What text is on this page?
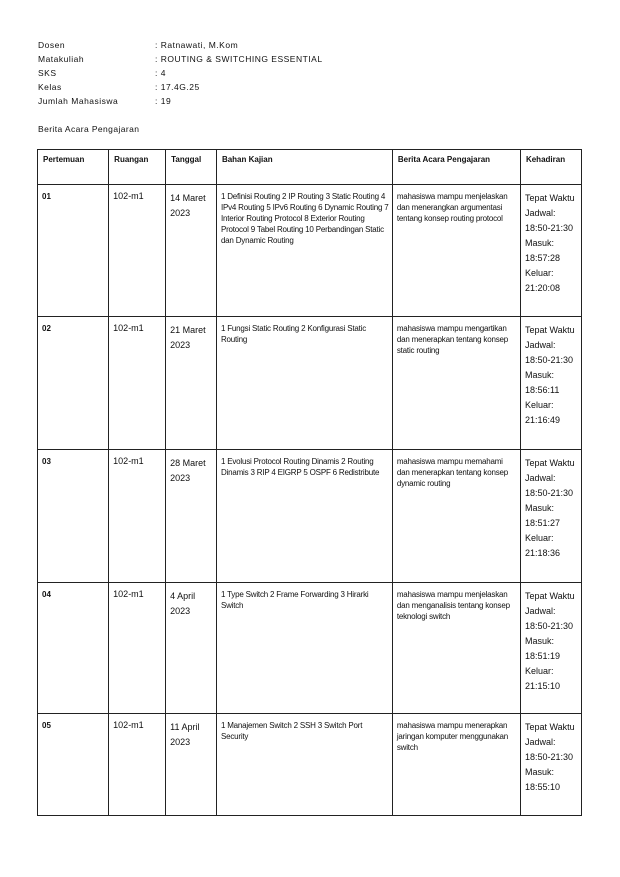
Dosen	: Ratnawati, M.Kom
Matakuliah	: ROUTING & SWITCHING ESSENTIAL
SKS	: 4
Kelas	: 17.4G.25
Jumlah Mahasiswa	: 19
Berita Acara Pengajaran
Pertemuan	Ruangan	Tanggal	Bahan Kajian	Berita Acara Pengajaran	Kehadiran
01	102-m1	14 Maret 2023	1 Definisi Routing 2 IP Routing 3 Static Routing 4 IPv4 Routing 5 IPv6 Routing 6 Dynamic Routing 7 Interior Routing Protocol 8 Exterior Routing Protocol 9 Tabel Routing 10 Perbandingan Static dan Dynamic Routing	mahasiswa mampu menjelaskan dan menerangkan argumentasi tentang konsep routing protocol	Tepat Waktu Jadwal: 18:50-21:30 Masuk: 18:57:28 Keluar: 21:20:08
02	102-m1	21 Maret 2023	1 Fungsi Static Routing 2 Konfigurasi Static Routing	mahasiswa mampu mengartikan dan menerapkan tentang konsep static routing	Tepat Waktu Jadwal: 18:50-21:30 Masuk: 18:56:11 Keluar: 21:16:49
03	102-m1	28 Maret 2023	1 Evolusi Protocol Routing Dinamis 2 Routing Dinamis 3 RIP 4 EIGRP 5 OSPF 6 Redistribute	mahasiswa mampu memahami dan menerapkan tentang konsep dynamic routing	Tepat Waktu Jadwal: 18:50-21:30 Masuk: 18:51:27 Keluar: 21:18:36
04	102-m1	4 April 2023	1 Type Switch 2 Frame Forwarding 3 Hirarki Switch	mahasiswa mampu menjelaskan dan menganalisis tentang konsep teknologi switch	Tepat Waktu Jadwal: 18:50-21:30 Masuk: 18:51:19 Keluar: 21:15:10
05	102-m1	11 April 2023	1 Manajemen Switch 2 SSH 3 Switch Port Security	mahasiswa mampu menerapkan jaringan komputer menggunakan switch	Tepat Waktu Jadwal: 18:50-21:30 Masuk: 18:55:10
